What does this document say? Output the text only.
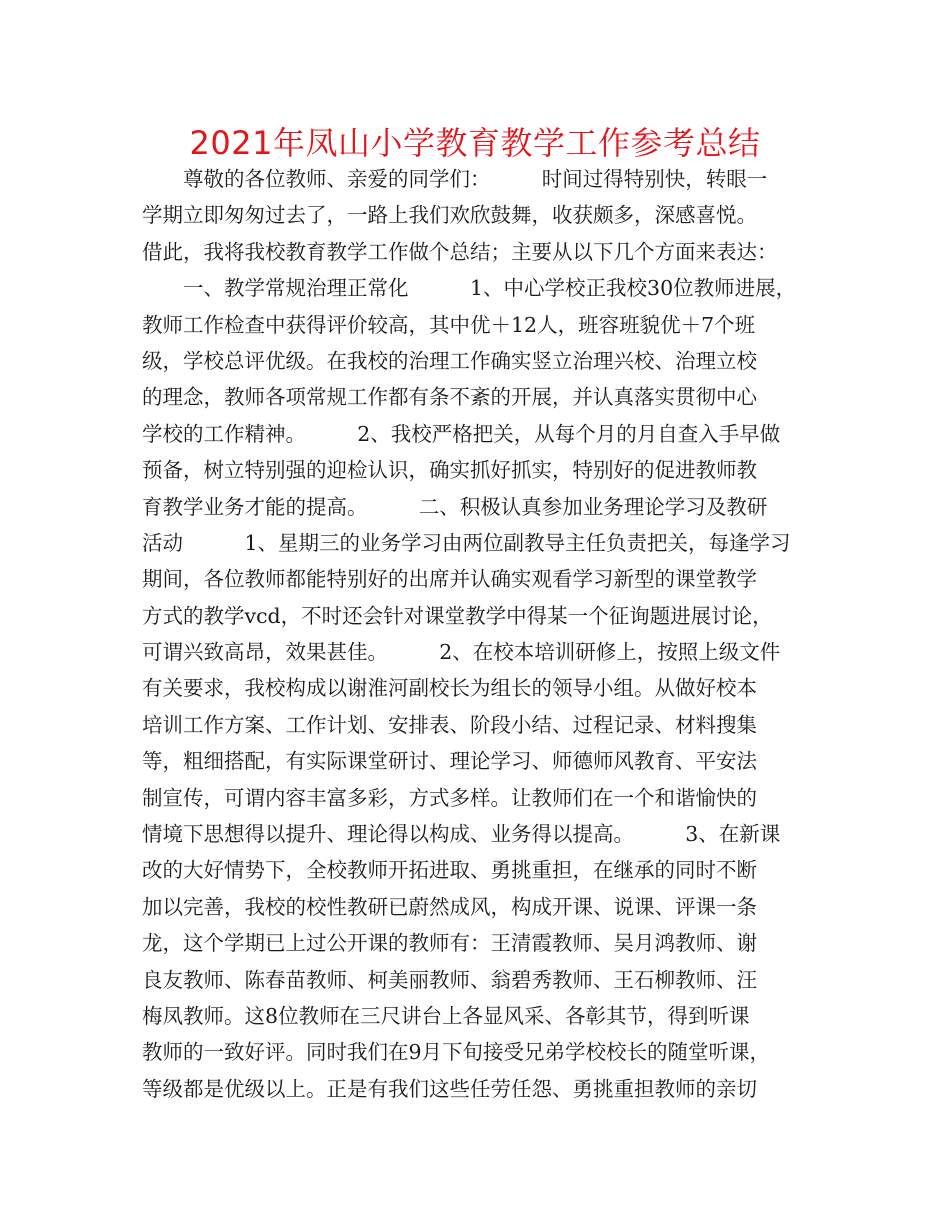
2021年凤山小学教育教学工作参考总结
　　尊敬的各位教师、亲爱的同学们：　　　时间过得特别快，转眼一
学期立即匆匆过去了，一路上我们欢欣鼓舞，收获颇多，深感喜悦。
借此，我将我校教育教学工作做个总结；主要从以下几个方面来表达：
　　一、教学常规治理正常化　　　1、中心学校正我校30位教师进展，
教师工作检查中获得评价较高，其中优＋12人，班容班貌优＋7个班
级，学校总评优级。在我校的治理工作确实竖立治理兴校、治理立校
的理念，教师各项常规工作都有条不紊的开展，并认真落实贯彻中心
学校的工作精神。　　　2、我校严格把关，从每个月的月自查入手早做
预备，树立特别强的迎检认识，确实抓好抓实，特别好的促进教师教
育教学业务才能的提高。　　　二、积极认真参加业务理论学习及教研
活动　　　1、星期三的业务学习由两位副教导主任负责把关，每逢学习
期间，各位教师都能特别好的出席并认确实观看学习新型的课堂教学
方式的教学vcd，不时还会针对课堂教学中得某一个征询题进展讨论，
可谓兴致高昂，效果甚佳。　　　2、在校本培训研修上，按照上级文件
有关要求，我校构成以谢淮河副校长为组长的领导小组。从做好校本
培训工作方案、工作计划、安排表、阶段小结、过程记录、材料搜集
等，粗细搭配，有实际课堂研讨、理论学习、师德师风教育、平安法
制宣传，可谓内容丰富多彩，方式多样。让教师们在一个和谐愉快的
情境下思想得以提升、理论得以构成、业务得以提高。　　　3、在新课
改的大好情势下，全校教师开拓进取、勇挑重担，在继承的同时不断
加以完善，我校的校性教研已蔚然成风，构成开课、说课、评课一条
龙，这个学期已上过公开课的教师有：王清霞教师、吴月鸿教师、谢
良友教师、陈春苗教师、柯美丽教师、翁碧秀教师、王石柳教师、汪
梅凤教师。这8位教师在三尺讲台上各显风采、各彰其节，得到听课
教师的一致好评。同时我们在9月下旬接受兄弟学校校长的随堂听课，
等级都是优级以上。正是有我们这些任劳任怨、勇挑重担教师的亲切
